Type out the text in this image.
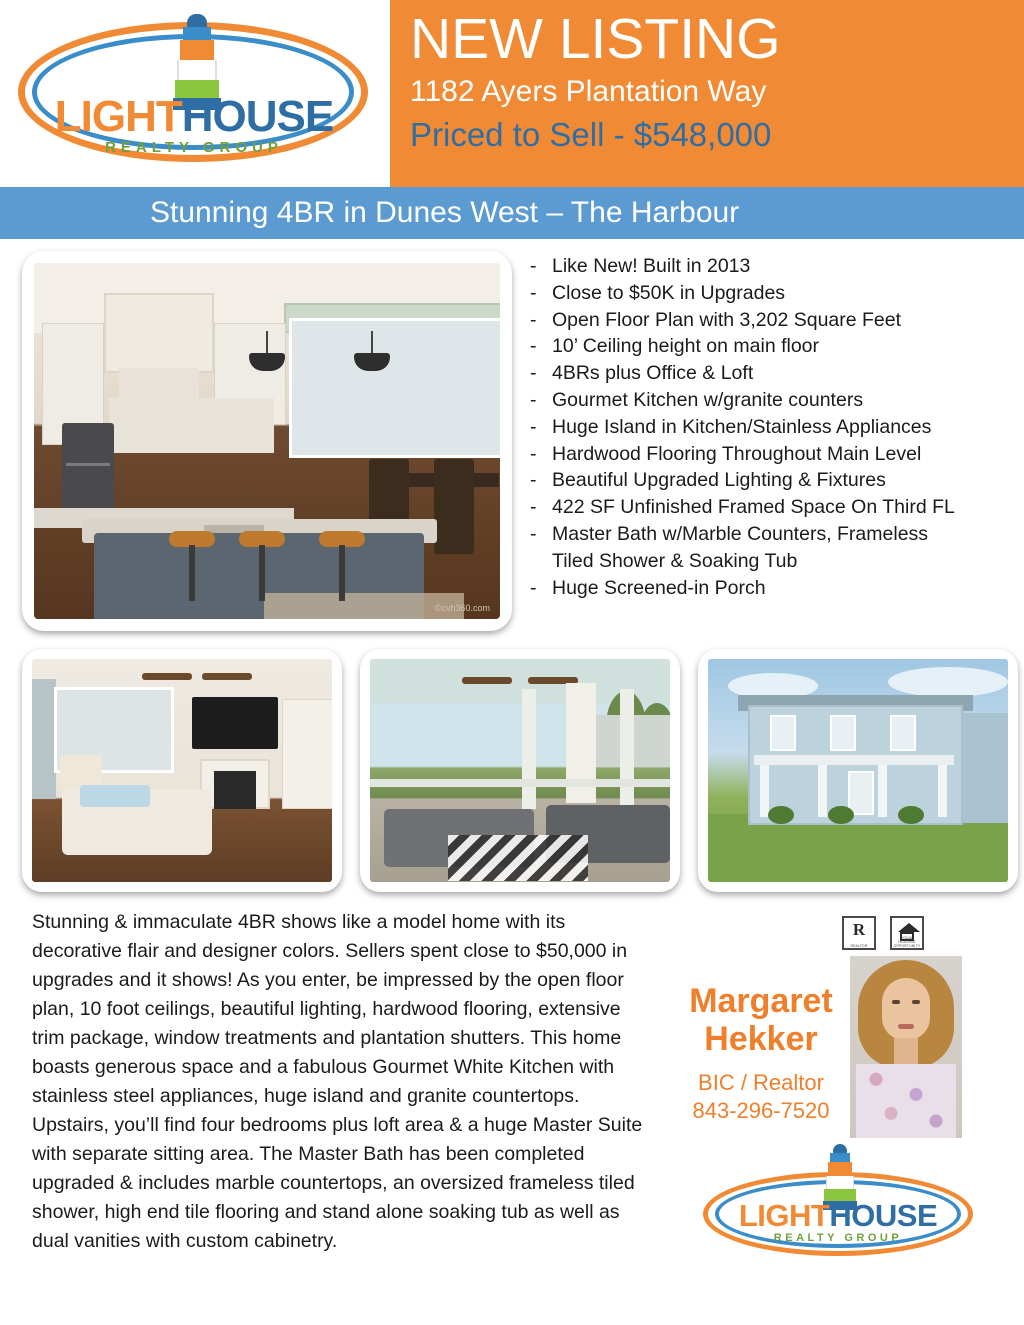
LIGHTHOUSE
REALTY GROUP
NEW LISTING
1182 Ayers Plantation Way
Priced to Sell - $548,000
Stunning 4BR in Dunes West – The Harbour
©cvh360.com
- Like New! Built in 2013
- Close to $50K in Upgrades
- Open Floor Plan with 3,202 Square Feet
- 10’ Ceiling height on main floor
- 4BRs plus Office & Loft
- Gourmet Kitchen w/granite counters
- Huge Island in Kitchen/Stainless Appliances
- Hardwood Flooring Throughout Main Level
- Beautiful Upgraded Lighting & Fixtures
- 422 SF Unfinished Framed Space On Third FL
- Master Bath w/Marble Counters, Frameless
Tiled Shower & Soaking Tub
- Huge Screened-in Porch
Stunning & immaculate 4BR shows like a model home with its decorative flair and designer colors. Sellers spent close to $50,000 in upgrades and it shows! As you enter, be impressed by the open floor plan, 10 foot ceilings, beautiful lighting, hardwood flooring, extensive trim package, window treatments and plantation shutters. This home boasts generous space and a fabulous Gourmet White Kitchen with stainless steel appliances, huge island and granite countertops. Upstairs, you’ll find four bedrooms plus loft area & a huge Master Suite with separate sitting area. The Master Bath has been completed upgraded & includes marble countertops, an oversized frameless tiled shower, high end tile flooring and stand alone soaking tub as well as dual vanities with custom cabinetry.
R
REALTOR
EQUAL HOUSING OPPORTUNITY
Margaret
Hekker
BIC / Realtor
843-296-7520
LIGHTHOUSE
REALTY GROUP
